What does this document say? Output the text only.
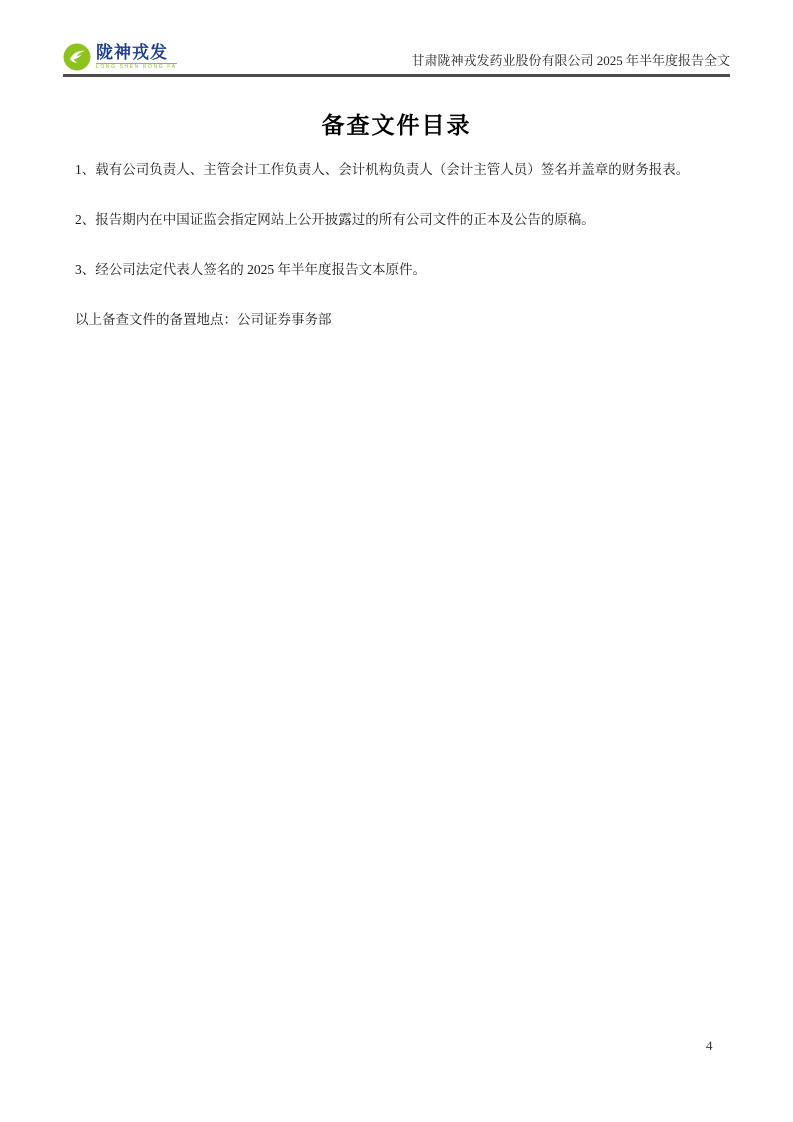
陇神戎发
LONG SHEN RONG FA	甘肃陇神戎发药业股份有限公司 2025 年半年度报告全文
备查文件目录

1、载有公司负责人、主管会计工作负责人、会计机构负责人（会计主管人员）签名并盖章的财务报表。

2、报告期内在中国证监会指定网站上公开披露过的所有公司文件的正本及公告的原稿。

3、经公司法定代表人签名的 2025 年半年度报告文本原件。

以上备查文件的备置地点：公司证券事务部

4
